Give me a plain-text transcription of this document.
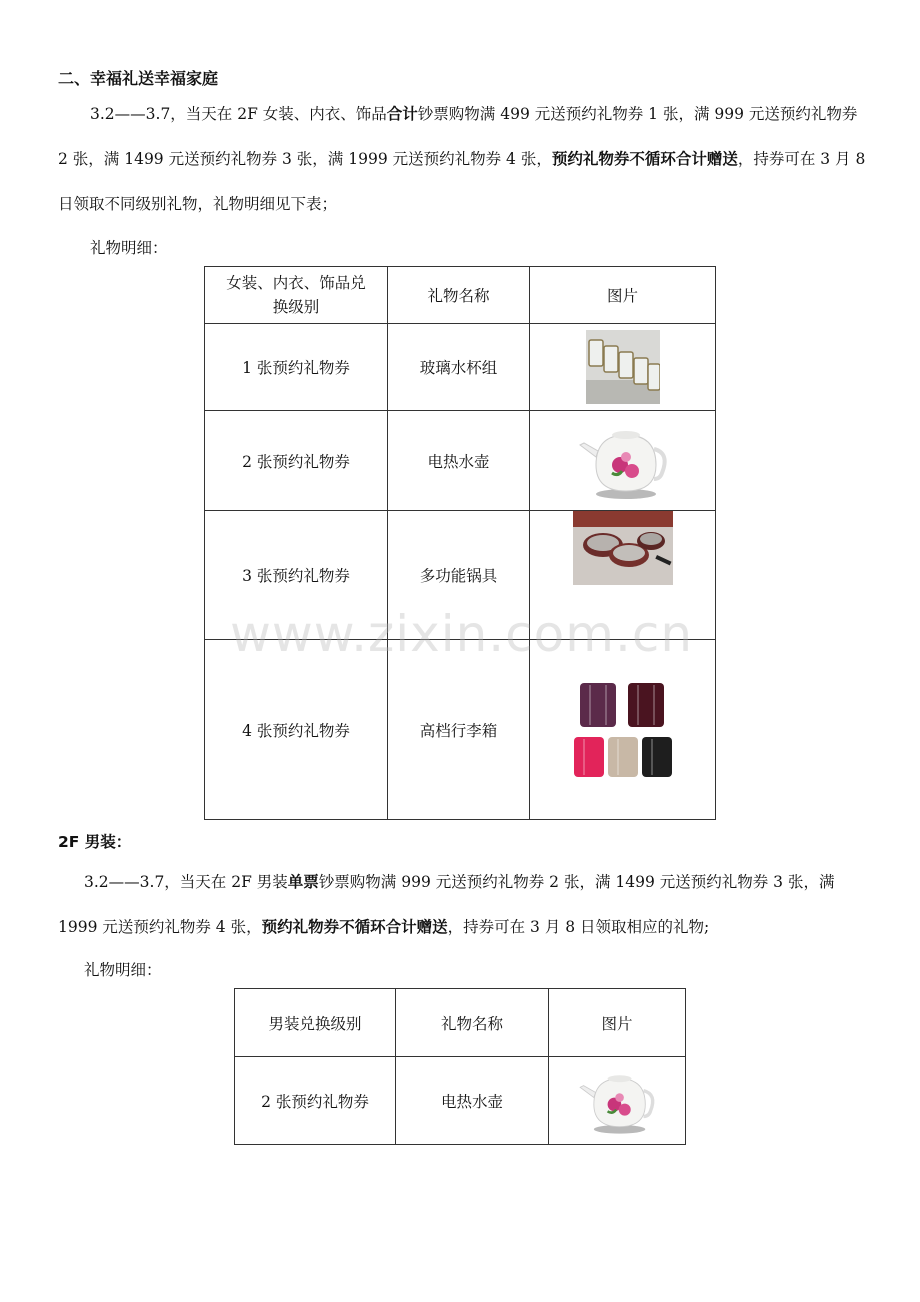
二、幸福礼送幸福家庭

3.2——3.7，当天在 2F 女装、内衣、饰品合计钞票购物满 499 元送预约礼物券 1 张，满 999 元送预约礼物券 2 张，满 1499 元送预约礼物券 3 张，满 1999 元送预约礼物券 4 张，预约礼物券不循环合计赠送，持券可在 3 月 8 日领取不同级别礼物，礼物明细见下表；

礼物明细：
女装、内衣、饰品兑换级别	礼物名称	图片
1 张预约礼物券	玻璃水杯组	

2 张预约礼物券	电热水壶	

3 张预约礼物券	多功能锅具	

4 张预约礼物券	高档行李箱	
www.zixin.com.cn
2F 男装：

3.2——3.7，当天在 2F 男装单票钞票购物满 999 元送预约礼物券 2 张，满 1499 元送预约礼物券 3 张，满 1999 元送预约礼物券 4 张，预约礼物券不循环合计赠送，持券可在 3 月 8 日领取相应的礼物;

礼物明细：
男装兑换级别	礼物名称	图片
2 张预约礼物券	电热水壶	
